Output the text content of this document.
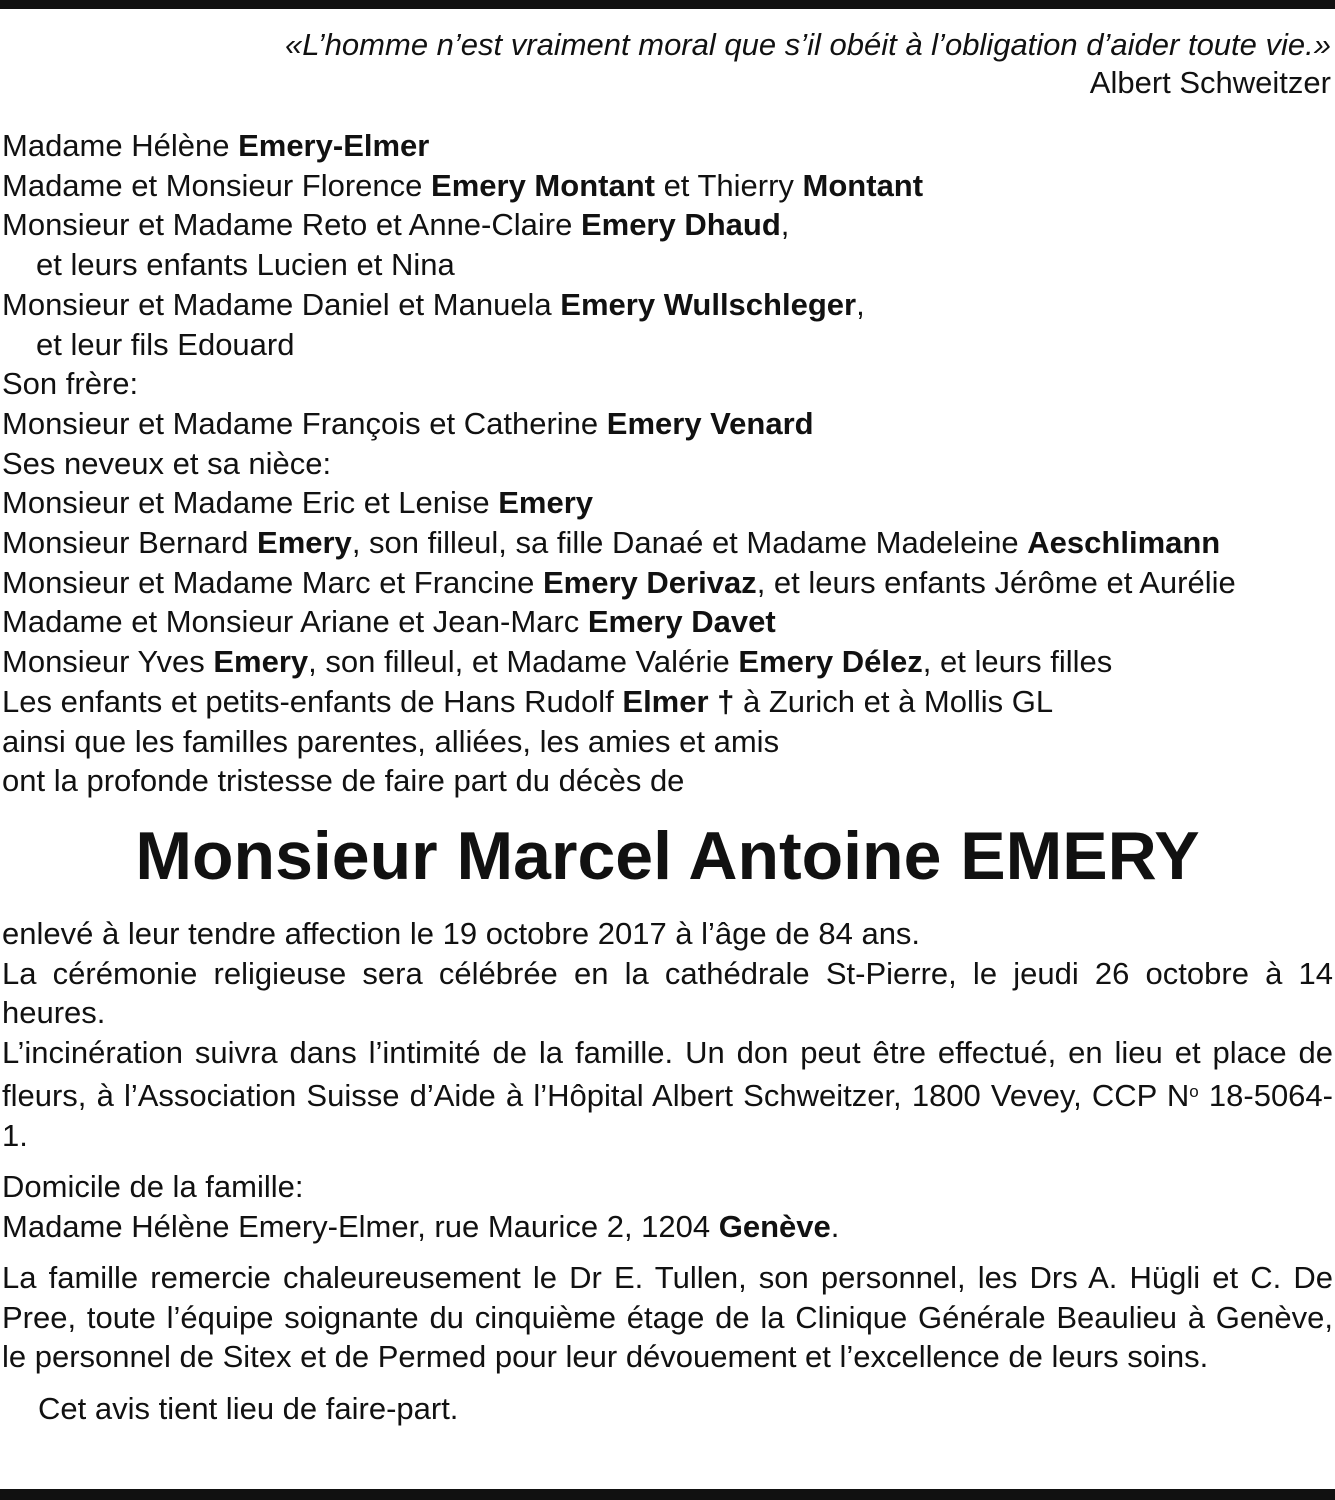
«L’homme n’est vraiment moral que s’il obéit à l’obligation d’aider toute vie.»
Albert Schweitzer
Madame Hélène Emery-Elmer
Madame et Monsieur Florence Emery Montant et Thierry Montant
Monsieur et Madame Reto et Anne-Claire Emery Dhaud,
et leurs enfants Lucien et Nina
Monsieur et Madame Daniel et Manuela Emery Wullschleger,
et leur fils Edouard
Son frère:
Monsieur et Madame François et Catherine Emery Venard
Ses neveux et sa nièce:
Monsieur et Madame Eric et Lenise Emery
Monsieur Bernard Emery, son filleul, sa fille Danaé et Madame Madeleine Aeschlimann
Monsieur et Madame Marc et Francine Emery Derivaz, et leurs enfants Jérôme et Aurélie
Madame et Monsieur Ariane et Jean-Marc Emery Davet
Monsieur Yves Emery, son filleul, et Madame Valérie Emery Délez, et leurs filles
Les enfants et petits-enfants de Hans Rudolf Elmer † à Zurich et à Mollis GL
ainsi que les familles parentes, alliées, les amies et amis
ont la profonde tristesse de faire part du décès de
Monsieur Marcel Antoine EMERY

enlevé à leur tendre affection le 19 octobre 2017 à l’âge de 84 ans.

La cérémonie religieuse sera célébrée en la cathédrale St-Pierre, le jeudi 26 octobre à 14 heures.

L’incinération suivra dans l’intimité de la famille. Un don peut être effectué, en lieu et place de fleurs, à l’Association Suisse d’Aide à l’Hôpital Albert Schweitzer, 1800 Vevey, CCP $N^o$ 18-5064-1.

Domicile de la famille:

Madame Hélène Emery-Elmer, rue Maurice 2, 1204 Genève.

La famille remercie chaleureusement le Dr E. Tullen, son personnel, les Drs A. Hügli et C. De Pree, toute l’équipe soignante du cinquième étage de la Clinique Générale Beaulieu à Genève, le personnel de Sitex et de Permed pour leur dévouement et l’excellence de leurs soins.

Cet avis tient lieu de faire-part.
